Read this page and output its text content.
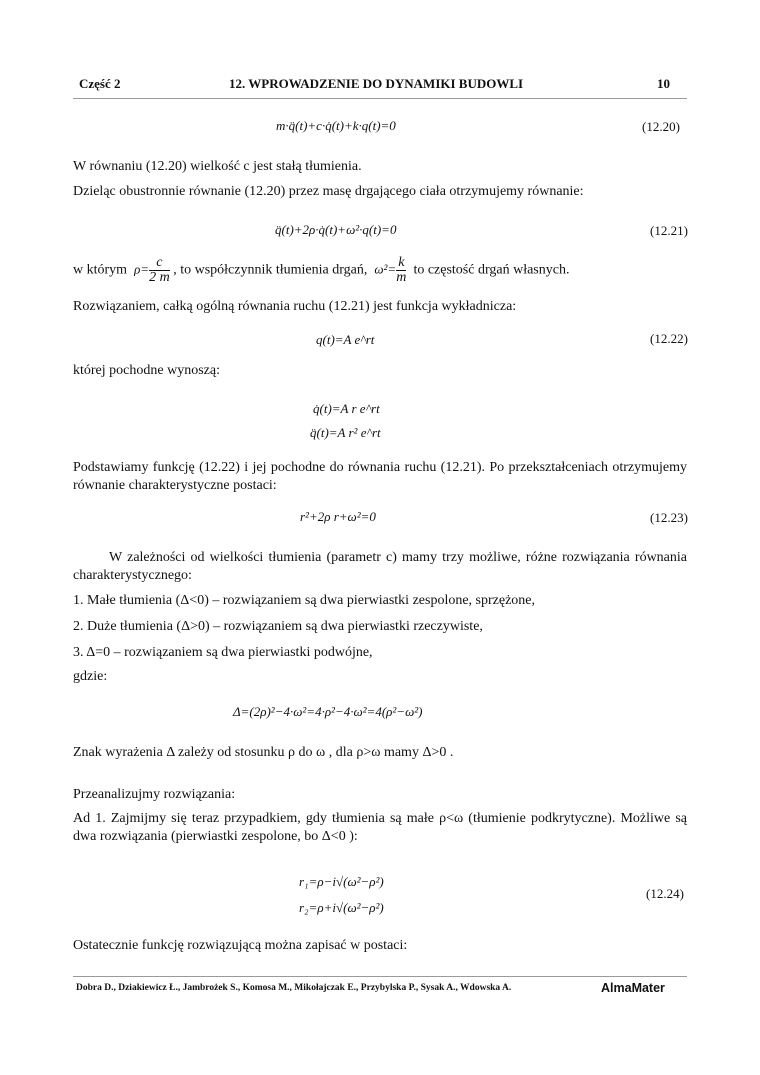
Część 2	12. WPROWADZENIE DO DYNAMIKI BUDOWLI	10
m·q̈(t)+c·q̇(t)+k·q(t)=0	(12.20)
W równaniu (12.20) wielkość c jest stałą tłumienia.
Dzieląc obustronnie równanie (12.20) przez masę drgającego ciała otrzymujemy równanie:
q̈(t)+2ρ·q̇(t)+ω²·q(t)=0	(12.21)
w którym $\rho= \frac{c}{2 m}$ , to współczynnik tłumienia drgań, $\omega^2= \frac{k}{m}$ to częstość drgań własnych.
Rozwiązaniem, całką ogólną równania ruchu (12.21) jest funkcja wykładnicza:
q(t)=A e^rt	(12.22)
której pochodne wynoszą:
q̇(t)=A r e^rt
q̈(t)=A r² e^rt
Podstawiamy funkcję (12.22) i jej pochodne do równania ruchu (12.21). Po przekształceniach otrzymujemy równanie charakterystyczne postaci:
r²+2ρ r+ω²=0	(12.23)
W zależności od wielkości tłumienia (parametr c) mamy trzy możliwe, różne rozwiązania równania charakterystycznego:
1. Małe tłumienia (Δ<0) – rozwiązaniem są dwa pierwiastki zespolone, sprzężone,
2. Duże tłumienia (Δ>0) – rozwiązaniem są dwa pierwiastki rzeczywiste,
3. Δ=0 – rozwiązaniem są dwa pierwiastki podwójne,
gdzie:
Δ=(2ρ)²−4·ω²=4·ρ²−4·ω²=4(ρ²−ω²)
Znak wyrażenia Δ zależy od stosunku ρ do ω , dla ρ>ω mamy Δ>0 .
Przeanalizujmy rozwiązania:
Ad 1. Zajmijmy się teraz przypadkiem, gdy tłumienia są małe ρ<ω (tłumienie podkrytyczne). Możliwe są dwa rozwiązania (pierwiastki zespolone, bo Δ<0 ):
r₁=ρ−i√(ω²−ρ²)
r₂=ρ+i√(ω²−ρ²)
(12.24)
Ostatecznie funkcję rozwiązującą można zapisać w postaci:
Dobra D., Dziakiewicz Ł., Jambrożek S., Komosa M., Mikołajczak E., Przybylska P., Sysak A., Wdowska A.	AlmaMater
